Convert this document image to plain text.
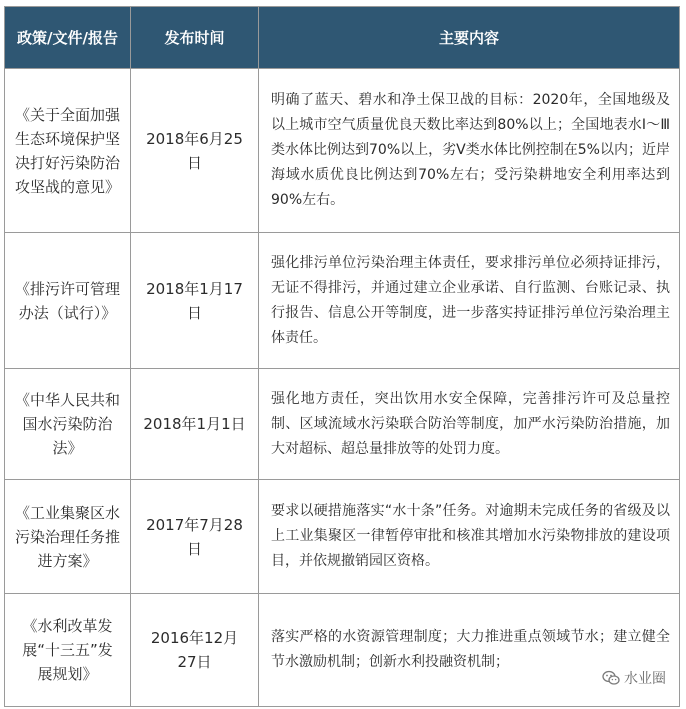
政策/文件/报告	发布时间	主要内容

《关于全面加强生态环境保护坚决打好污染防治攻坚战的意见》	2018年6月25日	明确了蓝天、碧水和净土保卫战的目标：2020年，全国地级及以上城市空气质量优良天数比率达到80%以上；全国地表水Ⅰ～Ⅲ类水体比例达到70%以上，劣Ⅴ类水体比例控制在5%以内；近岸海域水质优良比例达到70%左右；受污染耕地安全利用率达到90%左右。

《排污许可管理办法（试行）》	2018年1月17日	强化排污单位污染治理主体责任，要求排污单位必须持证排污，无证不得排污，并通过建立企业承诺、自行监测、台账记录、执行报告、信息公开等制度，进一步落实持证排污单位污染治理主体责任。

《中华人民共和国水污染防治法》	2018年1月1日	强化地方责任，突出饮用水安全保障，完善排污许可及总量控制、区域流域水污染联合防治等制度，加严水污染防治措施，加大对超标、超总量排放等的处罚力度。

《工业集聚区水污染治理任务推进方案》	2017年7月28日	要求以硬措施落实“水十条”任务。对逾期未完成任务的省级及以上工业集聚区一律暂停审批和核准其增加水污染物排放的建设项目，并依规撤销园区资格。

《水利改革发展“十三五”发展规划》	2016年12月27日	落实严格的水资源管理制度；大力推进重点领域节水；建立健全节水激励机制；创新水利投融资机制；
水业圈
